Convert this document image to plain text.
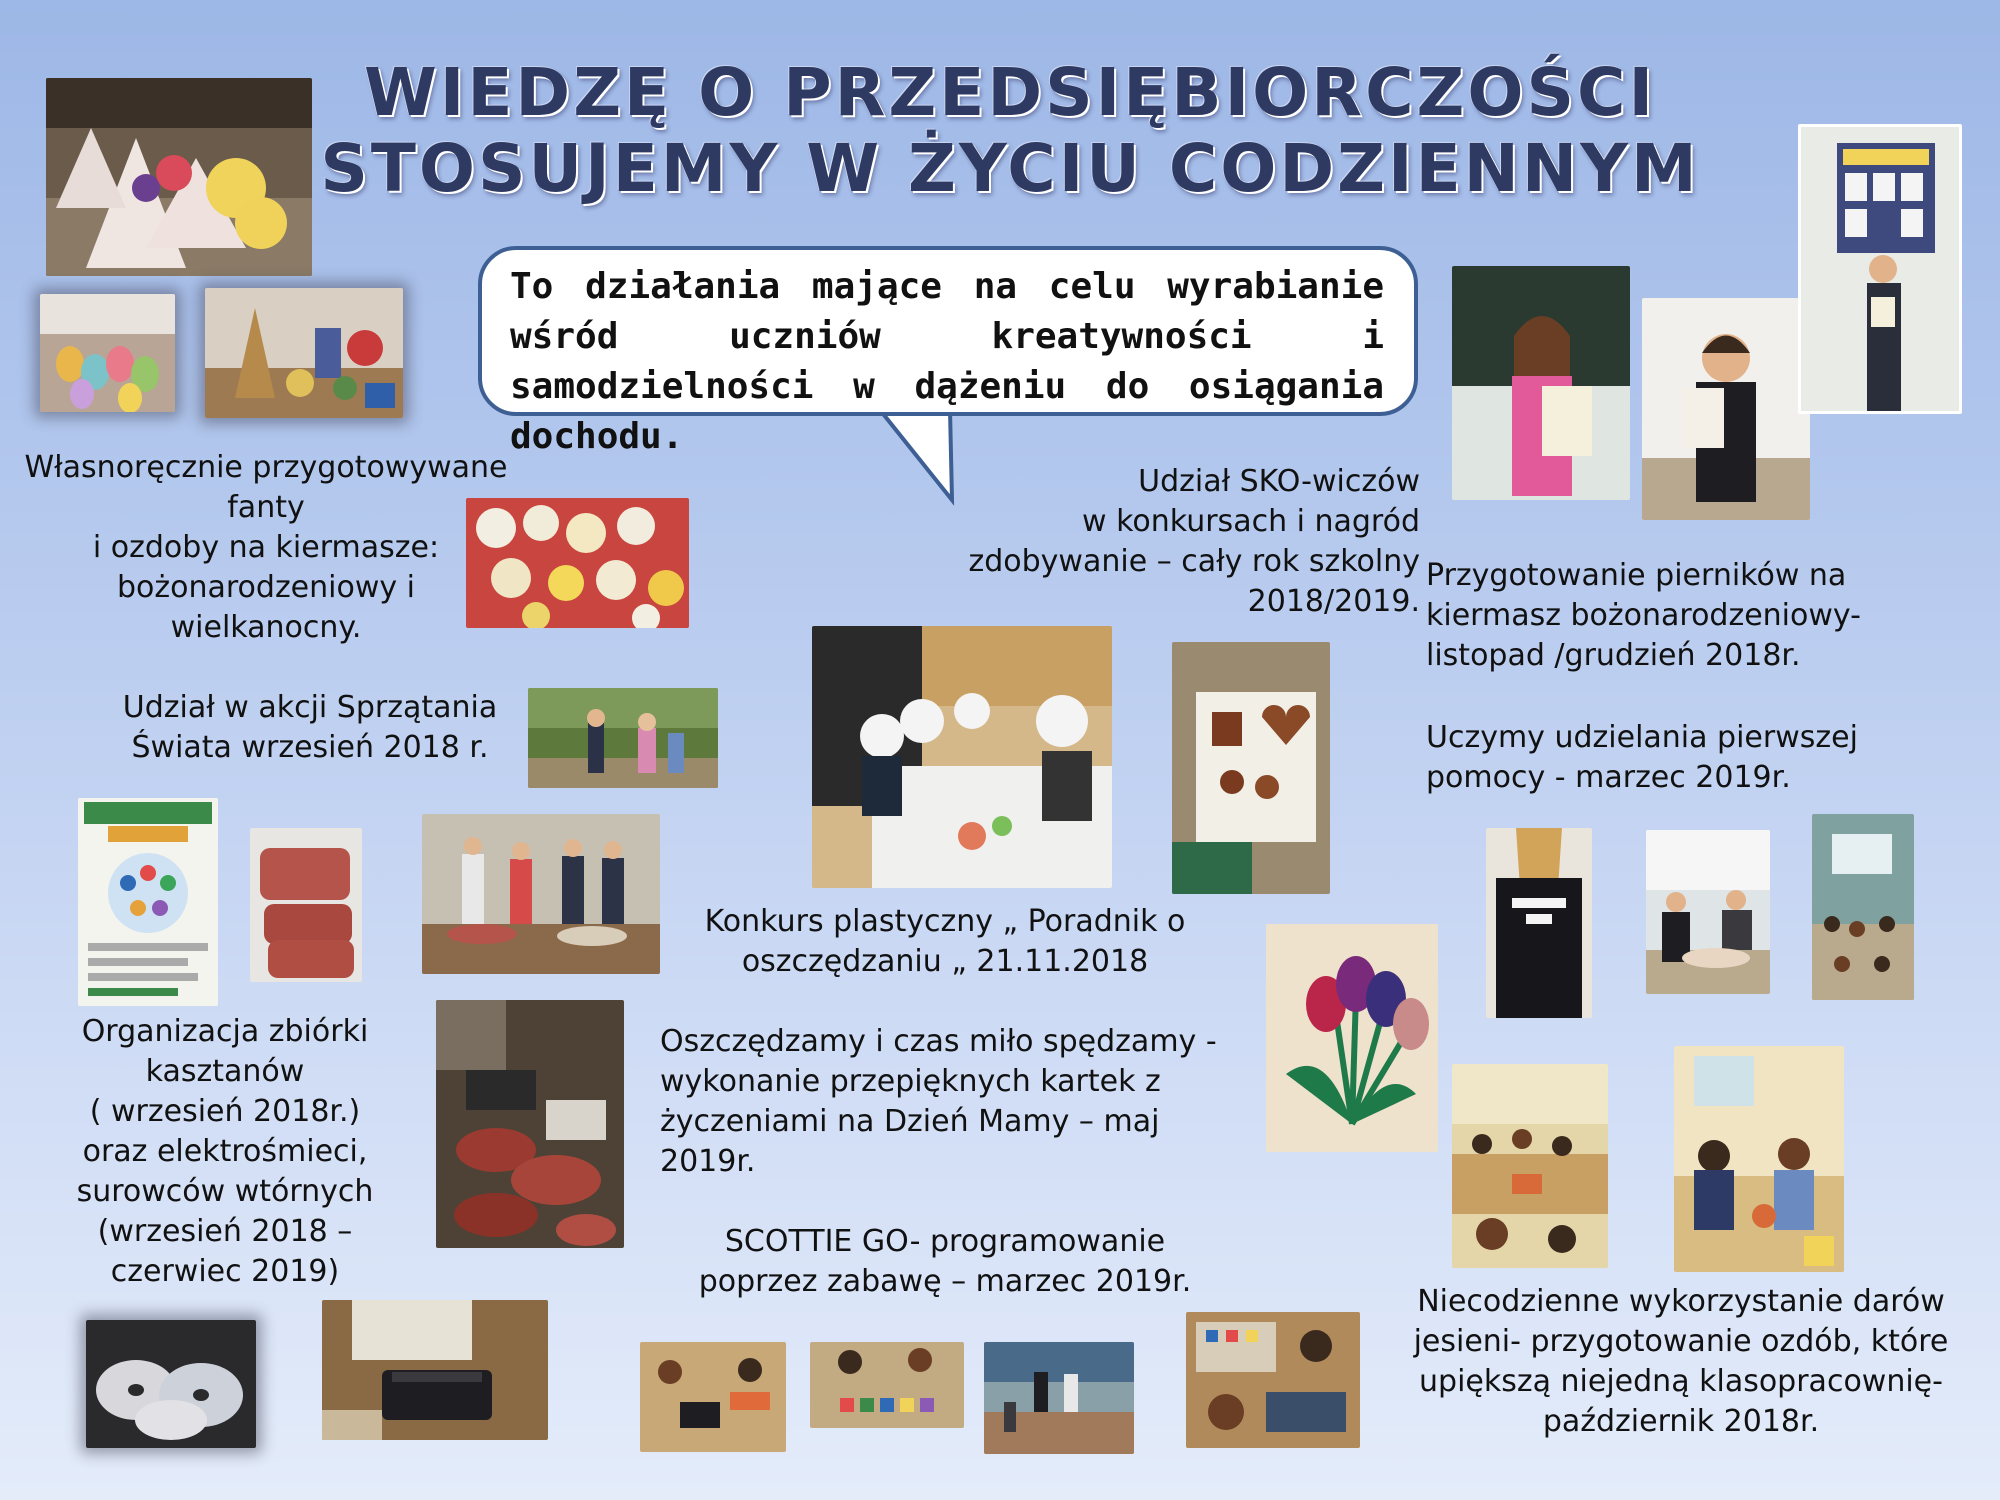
WIEDZĘ O PRZEDSIĘBIORCZOŚCI
STOSUJEMY W ŻYCIU CODZIENNYM

To działania mające na celu wyrabianie wśród uczniów kreatywności i samodzielności w dążeniu do osiągania dochodu.

Własnoręcznie przygotowywane
fanty
i ozdoby na kiermasze:
bożonarodzeniowy i
wielkanocny.
Udział w akcji Sprzątania
Świata wrzesień 2018 r.
Udział SKO-wiczów
w konkursach i nagród
zdobywanie – cały rok szkolny
2018/2019.
Przygotowanie pierników na
kiermasz bożonarodzeniowy-
listopad /grudzień 2018r.
Uczymy udzielania pierwszej
pomocy - marzec 2019r.
Konkurs plastyczny „ Poradnik o
oszczędzaniu „ 21.11.2018
Organizacja zbiórki
kasztanów
( wrzesień 2018r.)
oraz elektrośmieci,
surowców wtórnych
(wrzesień 2018 –
czerwiec 2019)
Oszczędzamy i czas miło spędzamy -
wykonanie przepięknych kartek z
życzeniami na Dzień Mamy – maj
2019r.
SCOTTIE GO- programowanie
poprzez zabawę – marzec 2019r.
Niecodzienne wykorzystanie darów
jesieni- przygotowanie ozdób, które
upiększą niejedną klasopracownię-
październik 2018r.
